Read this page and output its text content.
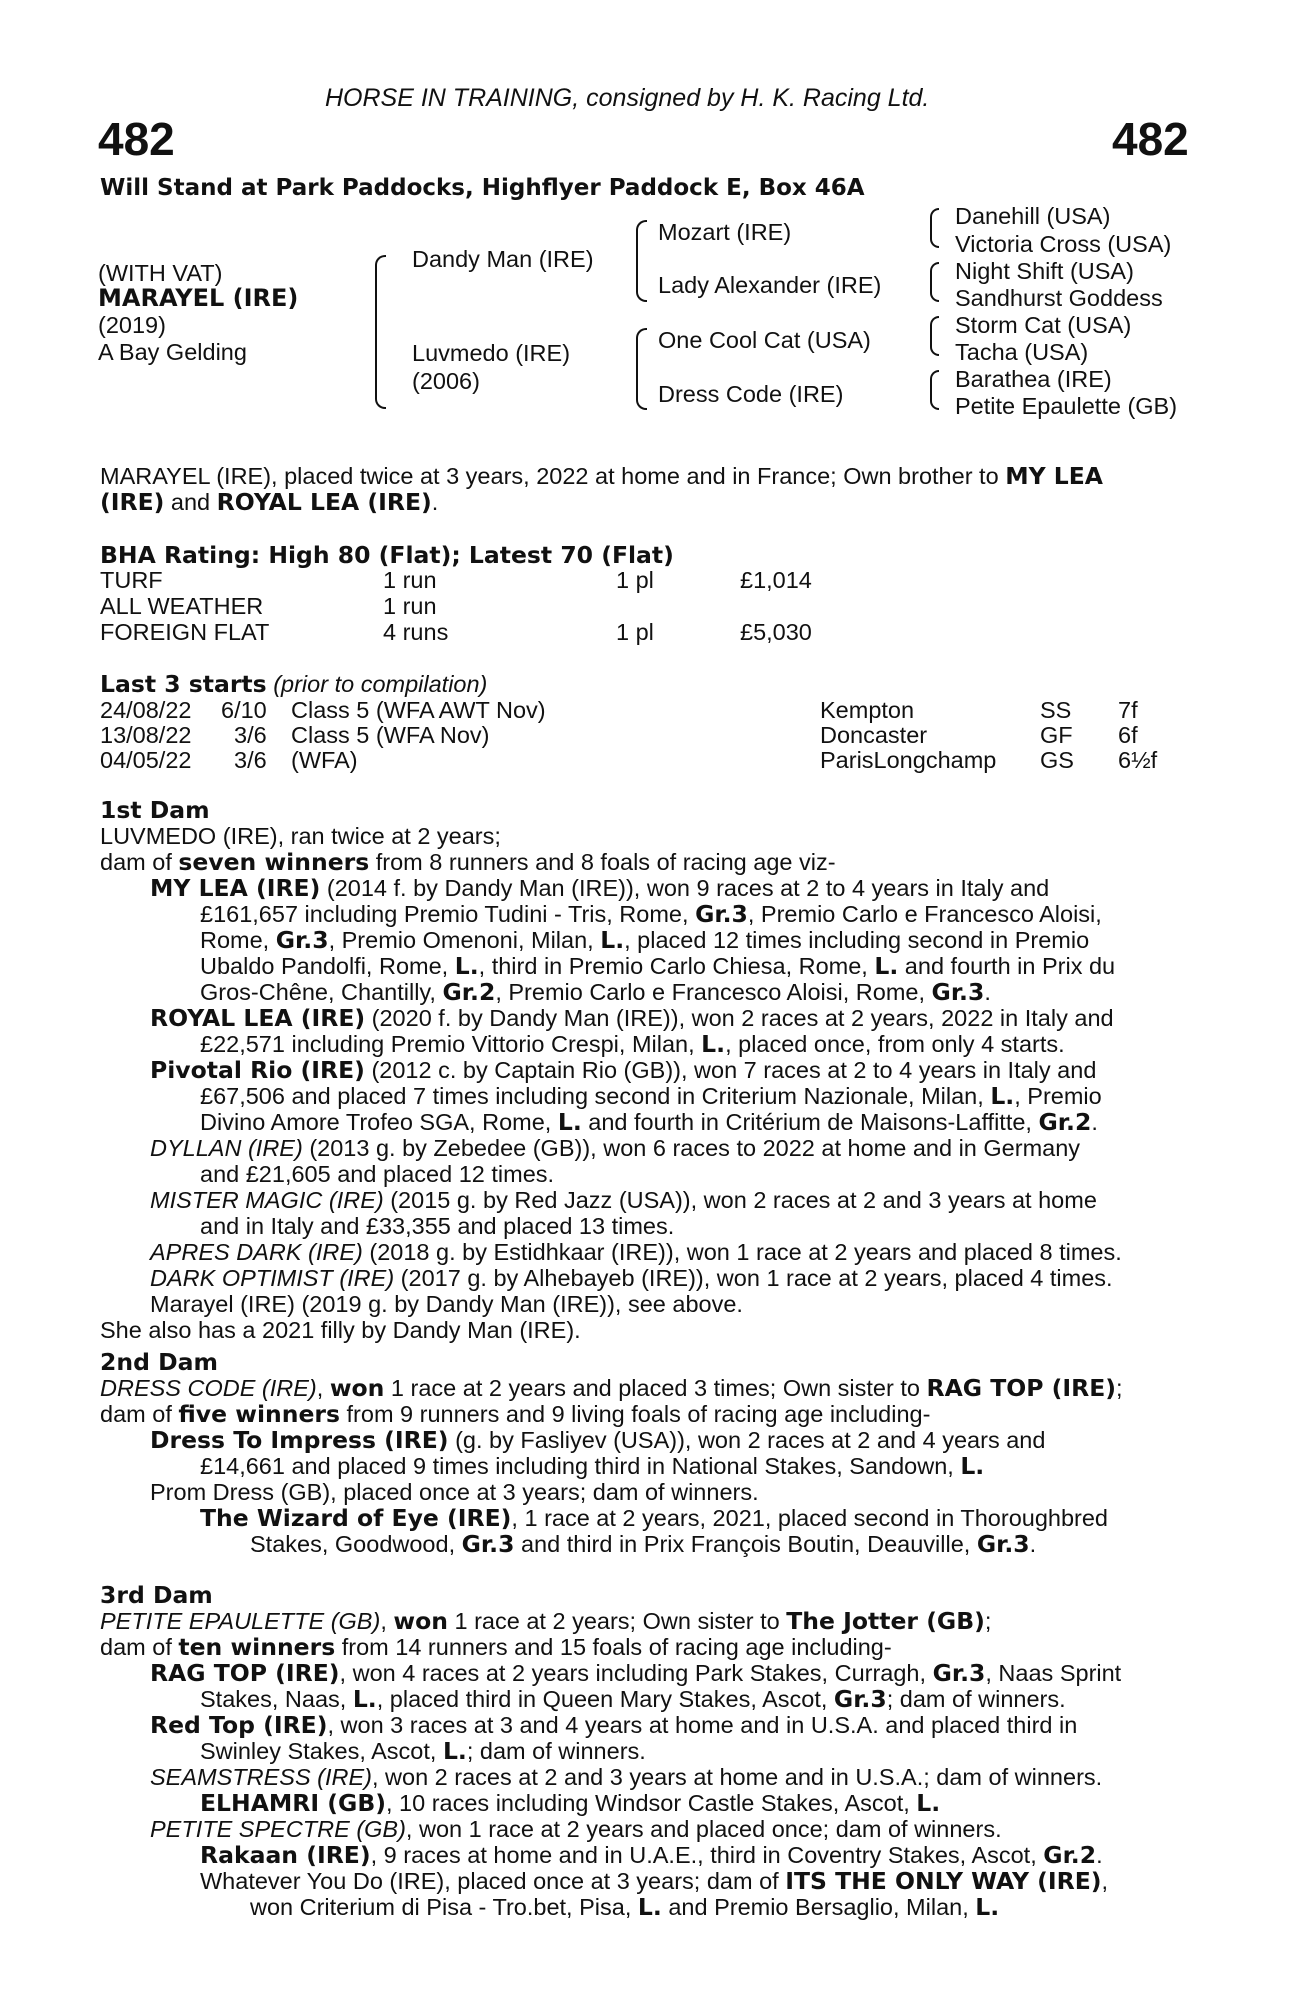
HORSE IN TRAINING, consigned by H. K. Racing Ltd.
482	482
Will Stand at Park Paddocks, Highflyer Paddock E, Box 46A
(WITH VAT)
MARAYEL (IRE)
(2019)
A Bay Gelding
Dandy Man (IRE)
Luvmedo (IRE)
(2006)
Mozart (IRE)
Lady Alexander (IRE)
One Cool Cat (USA)
Dress Code (IRE)
Danehill (USA)
Victoria Cross (USA)
Night Shift (USA)
Sandhurst Goddess
Storm Cat (USA)
Tacha (USA)
Barathea (IRE)
Petite Epaulette (GB)
MARAYEL (IRE), placed twice at 3 years, 2022 at home and in France; Own brother to MY LEA
(IRE) and ROYAL LEA (IRE).
BHA Rating: High 80 (Flat); Latest 70 (Flat)
TURF	1 run	1 pl	£1,014
ALL WEATHER	1 run
FOREIGN FLAT	4 runs	1 pl	£5,030
Last 3 starts (prior to compilation)
24/08/22 6/10 Class 5 (WFA AWT Nov)	Kempton	SS 7f
13/08/22 3/6 Class 5 (WFA Nov)	Doncaster	GF 6f
04/05/22 3/6 (WFA)	ParisLongchamp GS 6½f
1st Dam
LUVMEDO (IRE), ran twice at 2 years;
dam of seven winners from 8 runners and 8 foals of racing age viz-
MY LEA (IRE) (2014 f. by Dandy Man (IRE)), won 9 races at 2 to 4 years in Italy and
£161,657 including Premio Tudini - Tris, Rome, Gr.3, Premio Carlo e Francesco Aloisi,
Rome, Gr.3, Premio Omenoni, Milan, L., placed 12 times including second in Premio
Ubaldo Pandolfi, Rome, L., third in Premio Carlo Chiesa, Rome, L. and fourth in Prix du
Gros-Chêne, Chantilly, Gr.2, Premio Carlo e Francesco Aloisi, Rome, Gr.3.
ROYAL LEA (IRE) (2020 f. by Dandy Man (IRE)), won 2 races at 2 years, 2022 in Italy and
£22,571 including Premio Vittorio Crespi, Milan, L., placed once, from only 4 starts.
Pivotal Rio (IRE) (2012 c. by Captain Rio (GB)), won 7 races at 2 to 4 years in Italy and
£67,506 and placed 7 times including second in Criterium Nazionale, Milan, L., Premio
Divino Amore Trofeo SGA, Rome, L. and fourth in Critérium de Maisons-Laffitte, Gr.2.
DYLLAN (IRE) (2013 g. by Zebedee (GB)), won 6 races to 2022 at home and in Germany
and £21,605 and placed 12 times.
MISTER MAGIC (IRE) (2015 g. by Red Jazz (USA)), won 2 races at 2 and 3 years at home
and in Italy and £33,355 and placed 13 times.
APRES DARK (IRE) (2018 g. by Estidhkaar (IRE)), won 1 race at 2 years and placed 8 times.
DARK OPTIMIST (IRE) (2017 g. by Alhebayeb (IRE)), won 1 race at 2 years, placed 4 times.
Marayel (IRE) (2019 g. by Dandy Man (IRE)), see above.
She also has a 2021 filly by Dandy Man (IRE).
2nd Dam
DRESS CODE (IRE), won 1 race at 2 years and placed 3 times; Own sister to RAG TOP (IRE);
dam of five winners from 9 runners and 9 living foals of racing age including-
Dress To Impress (IRE) (g. by Fasliyev (USA)), won 2 races at 2 and 4 years and
£14,661 and placed 9 times including third in National Stakes, Sandown, L.
Prom Dress (GB), placed once at 3 years; dam of winners.
The Wizard of Eye (IRE), 1 race at 2 years, 2021, placed second in Thoroughbred
Stakes, Goodwood, Gr.3 and third in Prix François Boutin, Deauville, Gr.3.
3rd Dam
PETITE EPAULETTE (GB), won 1 race at 2 years; Own sister to The Jotter (GB);
dam of ten winners from 14 runners and 15 foals of racing age including-
RAG TOP (IRE), won 4 races at 2 years including Park Stakes, Curragh, Gr.3, Naas Sprint
Stakes, Naas, L., placed third in Queen Mary Stakes, Ascot, Gr.3; dam of winners.
Red Top (IRE), won 3 races at 3 and 4 years at home and in U.S.A. and placed third in
Swinley Stakes, Ascot, L.; dam of winners.
SEAMSTRESS (IRE), won 2 races at 2 and 3 years at home and in U.S.A.; dam of winners.
ELHAMRI (GB), 10 races including Windsor Castle Stakes, Ascot, L.
PETITE SPECTRE (GB), won 1 race at 2 years and placed once; dam of winners.
Rakaan (IRE), 9 races at home and in U.A.E., third in Coventry Stakes, Ascot, Gr.2.
Whatever You Do (IRE), placed once at 3 years; dam of ITS THE ONLY WAY (IRE),
won Criterium di Pisa - Tro.bet, Pisa, L. and Premio Bersaglio, Milan, L.
